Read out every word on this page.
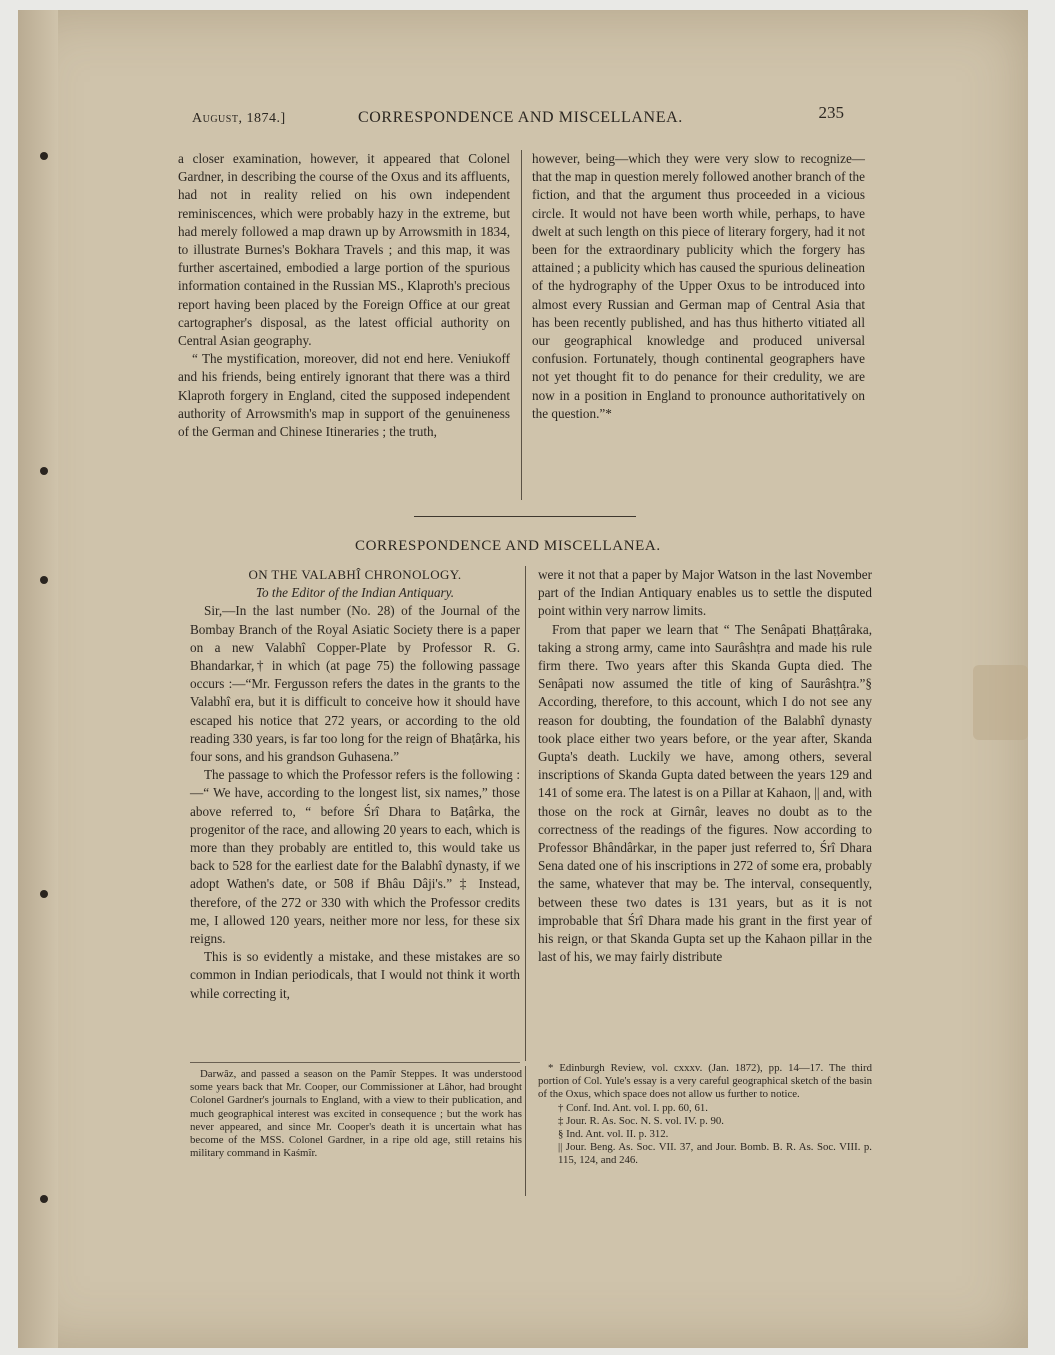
August, 1874.]	CORRESPONDENCE AND MISCELLANEA.	235

a closer examination, however, it appeared that Colonel Gardner, in describing the course of the Oxus and its affluents, had not in reality relied on his own independent reminiscences, which were probably hazy in the extreme, but had merely followed a map drawn up by Arrowsmith in 1834, to illustrate Burnes's Bokhara Travels ; and this map, it was further ascertained, embodied a large portion of the spurious information contained in the Russian MS., Klaproth's precious report having been placed by the Foreign Office at our great cartographer's disposal, as the latest official authority on Central Asian geography.

“ The mystification, moreover, did not end here. Veniukoff and his friends, being entirely ignorant that there was a third Klaproth forgery in England, cited the supposed independent authority of Arrowsmith's map in support of the genuineness of the German and Chinese Itineraries ; the truth,

however, being—which they were very slow to recognize—that the map in question merely followed another branch of the fiction, and that the argument thus proceeded in a vicious circle. It would not have been worth while, perhaps, to have dwelt at such length on this piece of literary forgery, had it not been for the extraordinary publicity which the forgery has attained ; a publicity which has caused the spurious delineation of the hydrography of the Upper Oxus to be introduced into almost every Russian and German map of Central Asia that has been recently published, and has thus hitherto vitiated all our geographical knowledge and produced universal confusion. Fortunately, though continental geographers have not yet thought fit to do penance for their credulity, we are now in a position in England to pronounce authoritatively on the question.”*

CORRESPONDENCE AND MISCELLANEA.

ON THE VALABHÎ CHRONOLOGY.

To the Editor of the Indian Antiquary.

Sir,—In the last number (No. 28) of the Journal of the Bombay Branch of the Royal Asiatic Society there is a paper on a new Valabhî Copper-Plate by Professor R. G. Bhandarkar,† in which (at page 75) the following passage occurs :—“Mr. Fergusson refers the dates in the grants to the Valabhî era, but it is difficult to conceive how it should have escaped his notice that 272 years, or according to the old reading 330 years, is far too long for the reign of Bhaṭârka, his four sons, and his grandson Guhasena.”

The passage to which the Professor refers is the following :—“ We have, according to the longest list, six names,” those above referred to, “ before Śrî Dhara to Baṭârka, the progenitor of the race, and allowing 20 years to each, which is more than they probably are entitled to, this would take us back to 528 for the earliest date for the Balabhî dynasty, if we adopt Wathen's date, or 508 if Bhâu Dâji's.” ‡ Instead, therefore, of the 272 or 330 with which the Professor credits me, I allowed 120 years, neither more nor less, for these six reigns.

This is so evidently a mistake, and these mistakes are so common in Indian periodicals, that I would not think it worth while correcting it,

were it not that a paper by Major Watson in the last November part of the Indian Antiquary enables us to settle the disputed point within very narrow limits.

From that paper we learn that “ The Senâpati Bhaṭṭâraka, taking a strong army, came into Saurâshṭra and made his rule firm there. Two years after this Skanda Gupta died. The Senâpati now assumed the title of king of Saurâshṭra.”§ According, therefore, to this account, which I do not see any reason for doubting, the foundation of the Balabhî dynasty took place either two years before, or the year after, Skanda Gupta's death. Luckily we have, among others, several inscriptions of Skanda Gupta dated between the years 129 and 141 of some era. The latest is on a Pillar at Kahaon, || and, with those on the rock at Girnâr, leaves no doubt as to the correctness of the readings of the figures. Now according to Professor Bhândârkar, in the paper just referred to, Śrî Dhara Sena dated one of his inscriptions in 272 of some era, probably the same, whatever that may be. The interval, consequently, between these two dates is 131 years, but as it is not improbable that Śrî Dhara made his grant in the first year of his reign, or that Skanda Gupta set up the Kahaon pillar in the last of his, we may fairly distribute

Darwâz, and passed a season on the Pamîr Steppes. It was understood some years back that Mr. Cooper, our Commissioner at Lâhor, had brought Colonel Gardner's journals to England, with a view to their publication, and much geographical interest was excited in consequence ; but the work has never appeared, and since Mr. Cooper's death it is uncertain what has become of the MSS. Colonel Gardner, in a ripe old age, still retains his military command in Kaśmîr.

* Edinburgh Review, vol. cxxxv. (Jan. 1872), pp. 14—17. The third portion of Col. Yule's essay is a very careful geographical sketch of the basin of the Oxus, which space does not allow us further to notice.

† Conf. Ind. Ant. vol. I. pp. 60, 61.

‡ Jour. R. As. Soc. N. S. vol. IV. p. 90.

§ Ind. Ant. vol. II. p. 312.

|| Jour. Beng. As. Soc. VII. 37, and Jour. Bomb. B. R. As. Soc. VIII. p. 115, 124, and 246.
